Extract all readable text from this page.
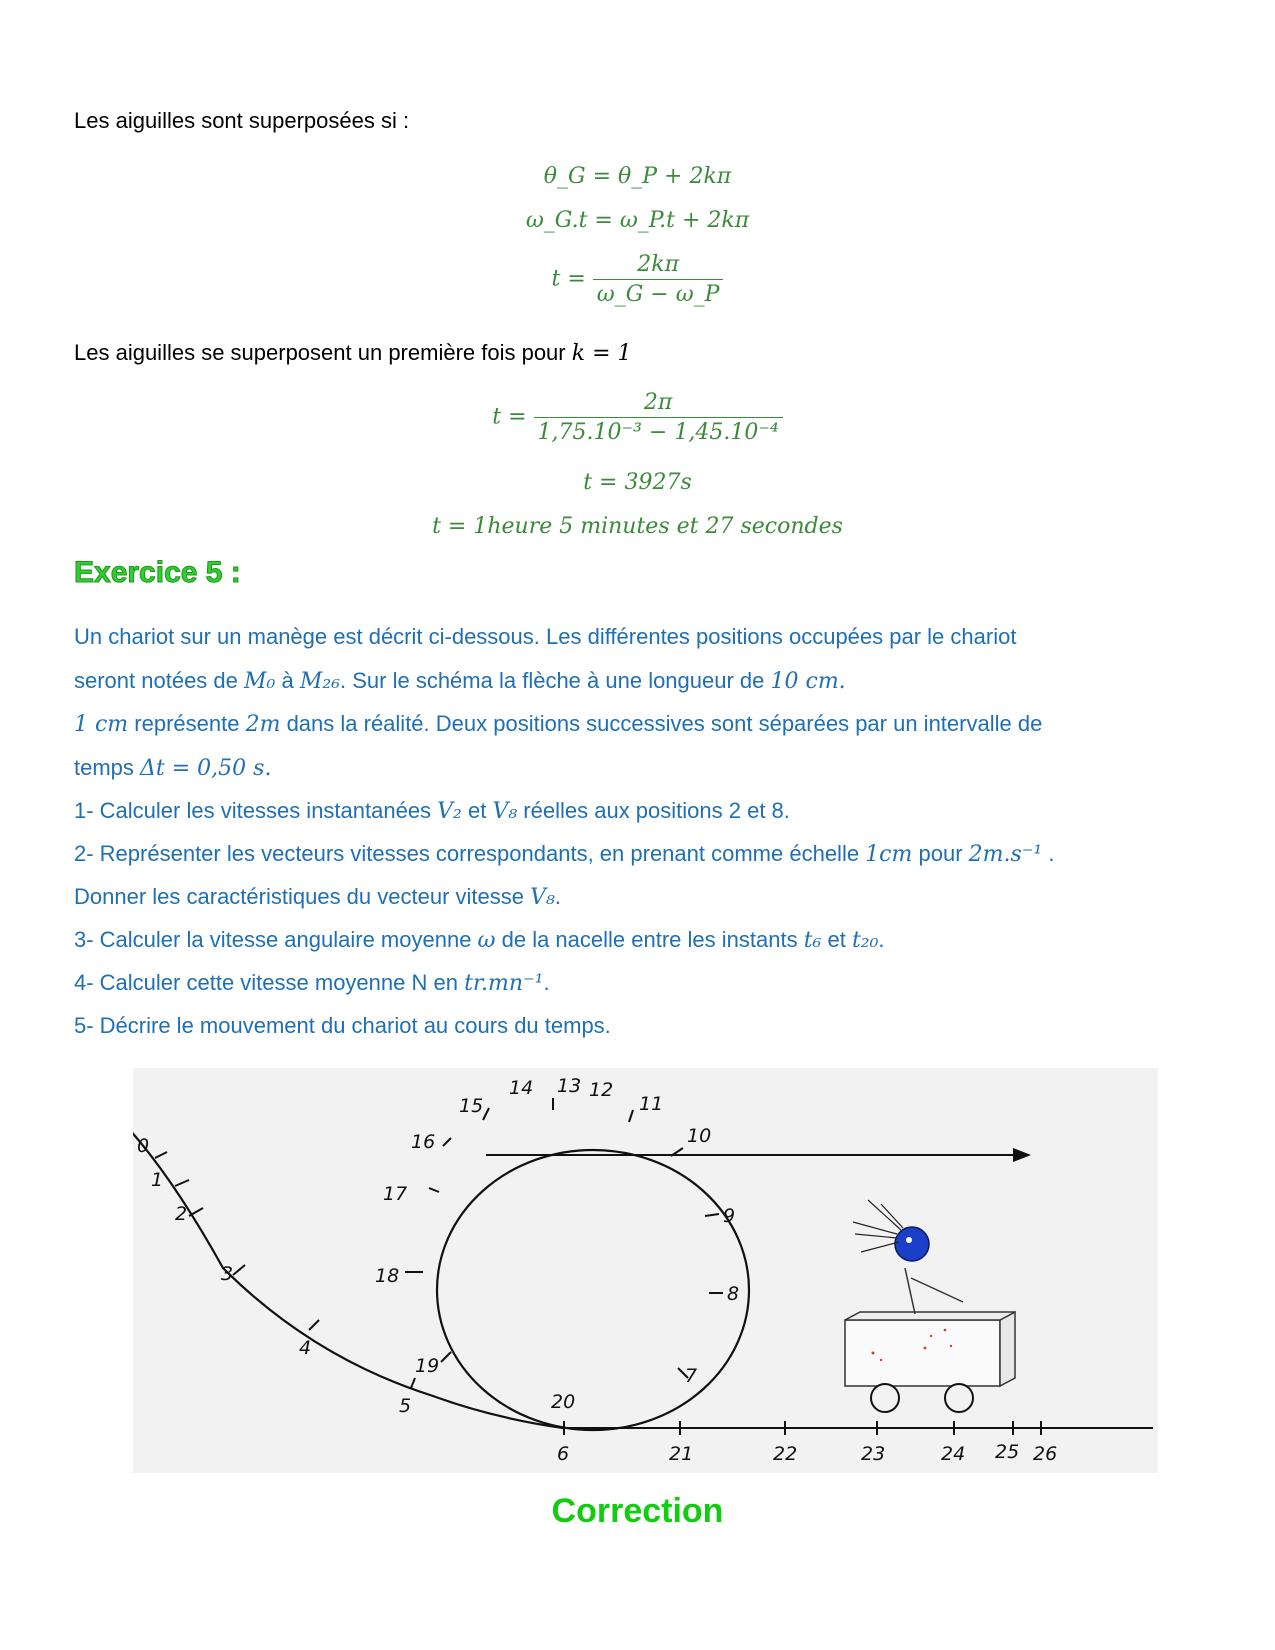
Les aiguilles sont superposées si :
θ_G = θ_P + 2kπ
ω_G.t = ω_P.t + 2kπ
$t = \frac{2k\pi}{\omega\_G - \omega\_P}$
Les aiguilles se superposent un première fois pour k = 1
$t = \frac{2\pi}{\text{1,75.10⁻³ − 1,45.10⁻⁴}}$
t = 3927s
t = 1heure 5 minutes et 27 secondes
Exercice 5 :
Un chariot sur un manège est décrit ci-dessous. Les différentes positions occupées par le chariot
seront notées de M₀ à M₂₆. Sur le schéma la flèche à une longueur de 10 cm.
1 cm représente 2m dans la réalité. Deux positions successives sont séparées par un intervalle de
temps Δt = 0,50 s.
1- Calculer les vitesses instantanées V₂ et V₈ réelles aux positions 2 et 8.
2- Représenter les vecteurs vitesses correspondants, en prenant comme échelle 1cm pour 2m.s⁻¹ .
Donner les caractéristiques du vecteur vitesse V₈.
3- Calculer la vitesse angulaire moyenne ω de la nacelle entre les instants t₆ et t₂₀.
4- Calculer cette vitesse moyenne N en tr.mn⁻¹.
5- Décrire le mouvement du chariot au cours du temps.
0
1
2
3
4
5
6
7
8
9
10
11
12
13
14
15
16
17
18
19
20
21	22	23	24 25 26
Correction
